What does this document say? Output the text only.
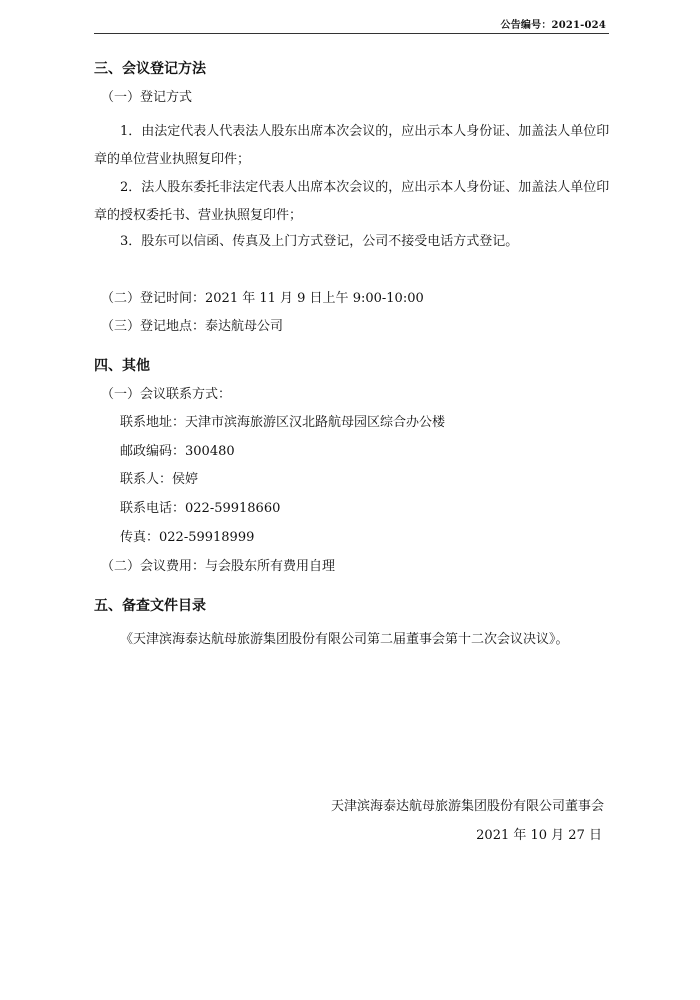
公告编号：2021-024
三、会议登记方法
（一）登记方式
1．由法定代表人代表法人股东出席本次会议的，应出示本人身份证、加盖法人单位印章的单位营业执照复印件；
2．法人股东委托非法定代表人出席本次会议的，应出示本人身份证、加盖法人单位印章的授权委托书、营业执照复印件；
3．股东可以信函、传真及上门方式登记，公司不接受电话方式登记。
（二）登记时间：2021 年 11 月 9 日上午 9:00-10:00
（三）登记地点：泰达航母公司
四、其他
（一）会议联系方式：
联系地址：天津市滨海旅游区汉北路航母园区综合办公楼
邮政编码：300480
联系人：侯婷
联系电话：022-59918660
传真：022-59918999
（二）会议费用：与会股东所有费用自理
五、备查文件目录
《天津滨海泰达航母旅游集团股份有限公司第二届董事会第十二次会议决议》。
天津滨海泰达航母旅游集团股份有限公司董事会
2021 年 10 月 27 日
